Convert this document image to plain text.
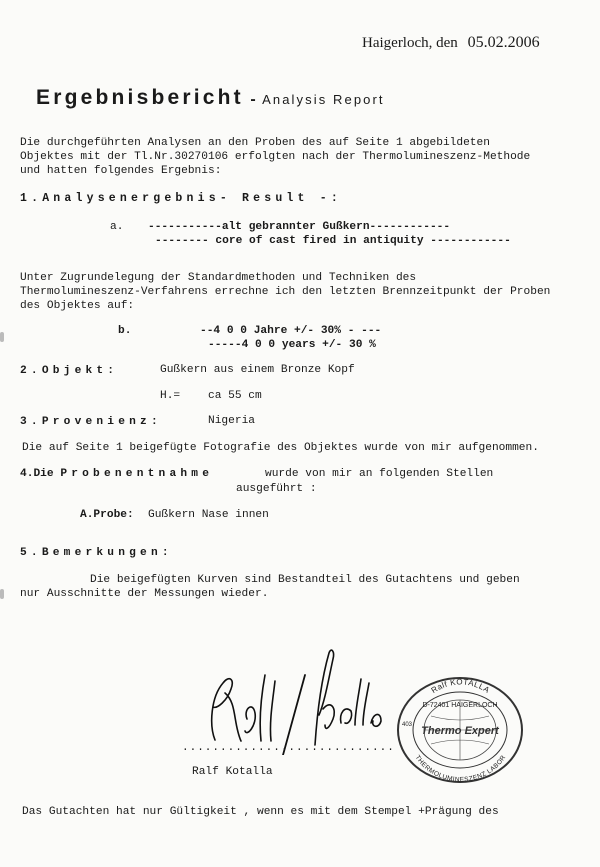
Haigerloch, den 05.02.2006
Ergebnisbericht - Analysis Report
Die durchgeführten Analysen an den Proben des auf Seite 1 abgebildeten
Objektes mit der Tl.Nr.30270106 erfolgten nach der Thermolumineszenz-Methode
und hatten folgendes Ergebnis:
1.Analysenergebnis- Result -:
a. -----------alt gebrannter Gußkern------------
-------- core of cast fired in antiquity ------------
Unter Zugrundelegung der Standardmethoden und Techniken des
Thermolumineszenz-Verfahrens errechne ich den letzten Brennzeitpunkt der Proben
des Objektes auf:
b.	--4 0 0 Jahre +/- 30% - ---
-----4 0 0 years +/- 30 %
2.Objekt:	Gußkern aus einem Bronze Kopf
H.= ca 55 cm
3.Provenienz:	Nigeria
Die auf Seite 1 beigefügte Fotografie des Objektes wurde von mir aufgenommen.
4.Die Probenentnahme	wurde von mir an folgenden Stellen
ausgeführt :
A.Probe: Gußkern Nase innen
5.Bemerkungen:
Die beigefügten Kurven sind Bestandteil des Gutachtens und geben
nur Ausschnitte der Messungen wieder.
............................
Ralf Kotalla
Ralf KOTALLA
D-72401 HAIGERLOCH
Thermo Expert
403
THERMOLUMINESZENZ LABOR
Das Gutachten hat nur Gültigkeit , wenn es mit dem Stempel +Prägung des
